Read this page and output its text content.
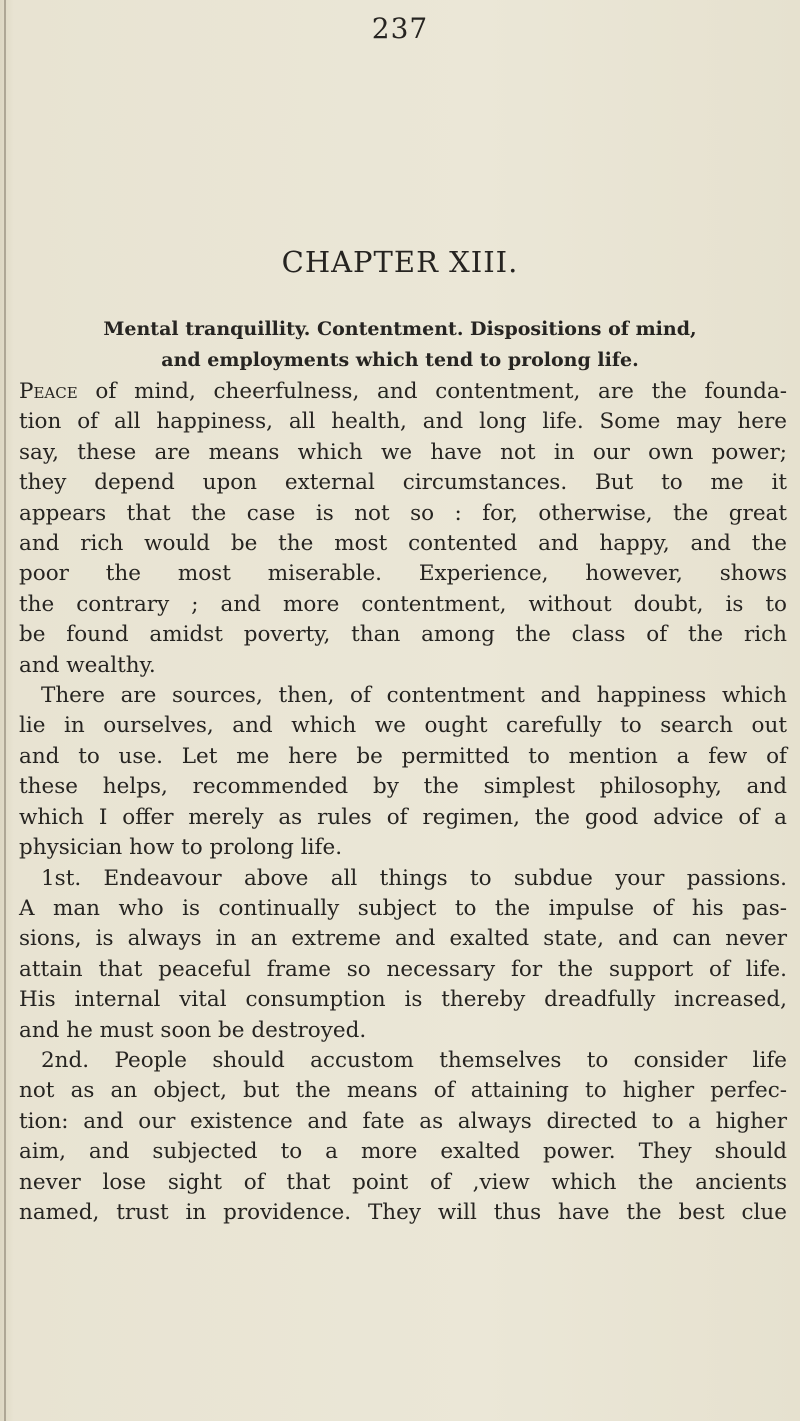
237
CHAPTER XIII.
Mental tranquillity. Contentment. Dispositions of mind,
and employments which tend to prolong life.
Peace of mind, cheerfulness, and contentment, are the founda-
tion of all happiness, all health, and long life. Some may here
say, these are means which we have not in our own power;
they depend upon external circumstances. But to me it
appears that the case is not so : for, otherwise, the great
and rich would be the most contented and happy, and the
poor the most miserable. Experience, however, shows
the contrary ; and more contentment, without doubt, is to
be found amidst poverty, than among the class of the rich
and wealthy.
There are sources, then, of contentment and happiness which
lie in ourselves, and which we ought carefully to search out
and to use. Let me here be permitted to mention a few of
these helps, recommended by the simplest philosophy, and
which I offer merely as rules of regimen, the good advice of a
physician how to prolong life.
1st. Endeavour above all things to subdue your passions.
A man who is continually subject to the impulse of his pas-
sions, is always in an extreme and exalted state, and can never
attain that peaceful frame so necessary for the support of life.
His internal vital consumption is thereby dreadfully increased,
and he must soon be destroyed.
2nd. People should accustom themselves to consider life
not as an object, but the means of attaining to higher perfec-
tion: and our existence and fate as always directed to a higher
aim, and subjected to a more exalted power. They should
never lose sight of that point of ,view which the ancients
named, trust in providence. They will thus have the best clue
